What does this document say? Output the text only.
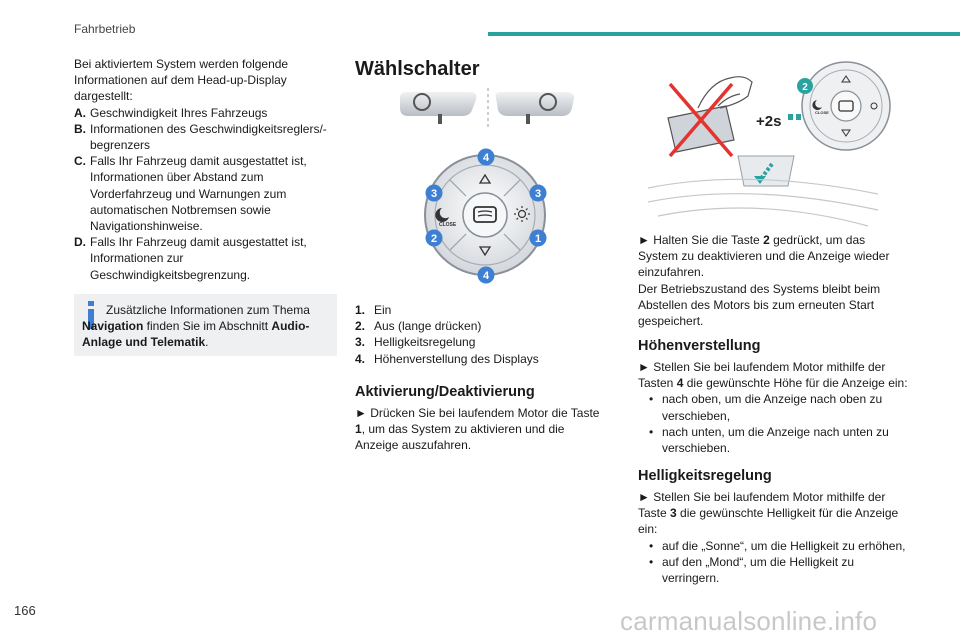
Fahrbetrieb
Bei aktiviertem System werden folgende Informationen auf dem Head-up-Display dargestellt:
A. Geschwindigkeit Ihres Fahrzeugs
B. Informationen des Geschwindigkeitsreglers/-begrenzers
C. Falls Ihr Fahrzeug damit ausgestattet ist, Informationen über Abstand zum Vorderfahrzeug und Warnungen zum automatischen Notbremsen sowie Navigationshinweise.
D. Falls Ihr Fahrzeug damit ausgestattet ist, Informationen zur Geschwindigkeitsbegrenzung.
Zusätzliche Informationen zum Thema Navigation finden Sie im Abschnitt Audio-Anlage und Telematik.
Wählschalter
CLOSE
4
3	3
2	1
4
1. Ein
2. Aus (lange drücken)
3. Helligkeitsregelung
4. Höhenverstellung des Displays
Aktivierung/Deaktivierung
► Drücken Sie bei laufendem Motor die Taste 1, um das System zu aktivieren und die Anzeige auszufahren.
+2s
CLOSE
2
► Halten Sie die Taste 2 gedrückt, um das System zu deaktivieren und die Anzeige wieder einzufahren.
Der Betriebszustand des Systems bleibt beim Abstellen des Motors bis zum erneuten Start gespeichert.
Höhenverstellung
► Stellen Sie bei laufendem Motor mithilfe der Tasten 4 die gewünschte Höhe für die Anzeige ein:
• nach oben, um die Anzeige nach oben zu verschieben,
• nach unten, um die Anzeige nach unten zu verschieben.
Helligkeitsregelung
► Stellen Sie bei laufendem Motor mithilfe der Taste 3 die gewünschte Helligkeit für die Anzeige ein:
• auf die „Sonne“, um die Helligkeit zu erhöhen,
• auf den „Mond“, um die Helligkeit zu verringern.
166	carmanualsonline.info
